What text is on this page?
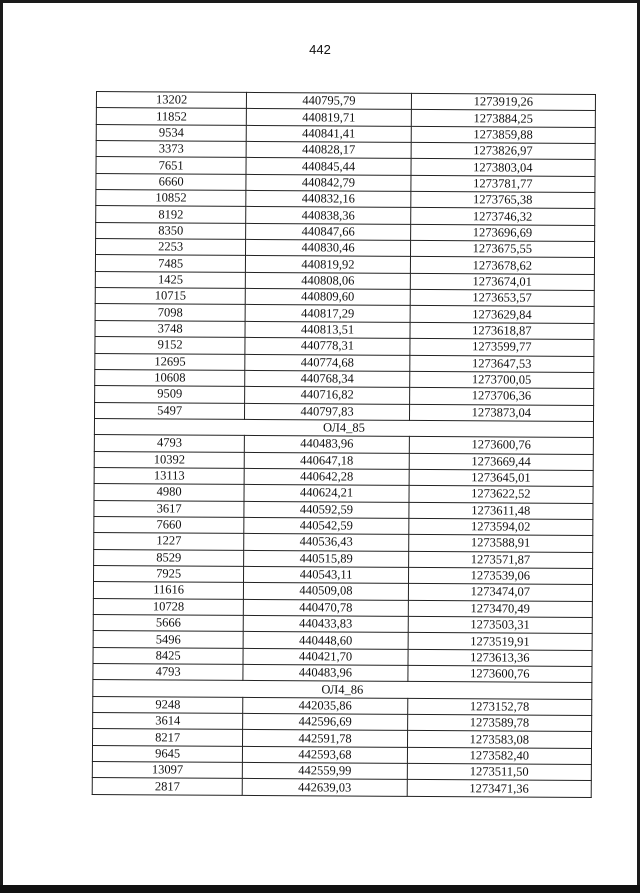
442
13202	440795,79	1273919,26
11852	440819,71	1273884,25
9534	440841,41	1273859,88
3373	440828,17	1273826,97
7651	440845,44	1273803,04
6660	440842,79	1273781,77
10852	440832,16	1273765,38
8192	440838,36	1273746,32
8350	440847,66	1273696,69
2253	440830,46	1273675,55
7485	440819,92	1273678,62
1425	440808,06	1273674,01
10715	440809,60	1273653,57
7098	440817,29	1273629,84
3748	440813,51	1273618,87
9152	440778,31	1273599,77
12695	440774,68	1273647,53
10608	440768,34	1273700,05
9509	440716,82	1273706,36
5497	440797,83	1273873,04
ОЛ4_85		
4793	440483,96	1273600,76
10392	440647,18	1273669,44
13113	440642,28	1273645,01
4980	440624,21	1273622,52
3617	440592,59	1273611,48
7660	440542,59	1273594,02
1227	440536,43	1273588,91
8529	440515,89	1273571,87
7925	440543,11	1273539,06
11616	440509,08	1273474,07
10728	440470,78	1273470,49
5666	440433,83	1273503,31
5496	440448,60	1273519,91
8425	440421,70	1273613,36
4793	440483,96	1273600,76
ОЛ4_86		
9248	442035,86	1273152,78
3614	442596,69	1273589,78
8217	442591,78	1273583,08
9645	442593,68	1273582,40
13097	442559,99	1273511,50
2817	442639,03	1273471,36
